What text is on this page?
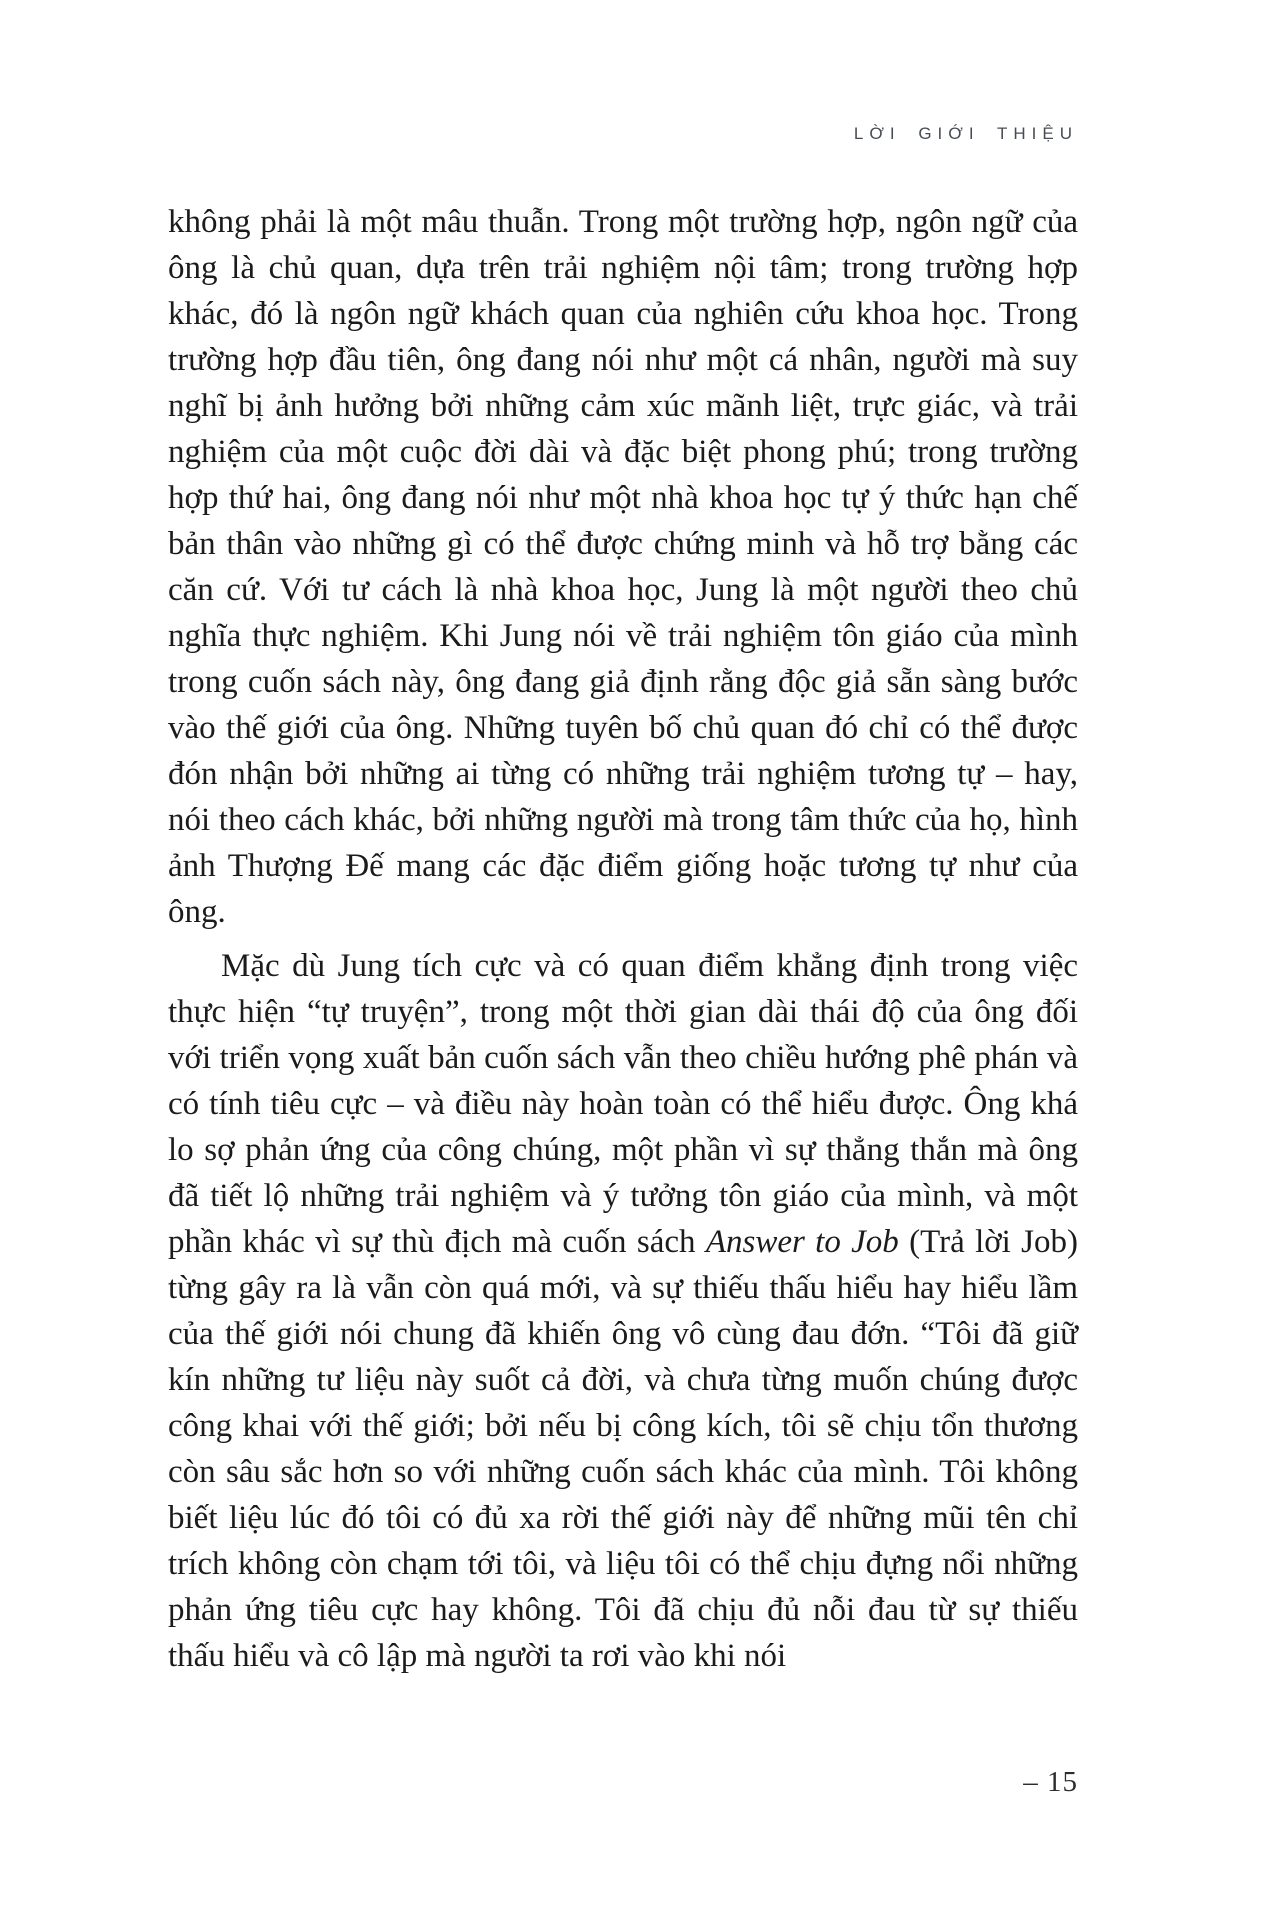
LỜI GIỚI THIỆU

không phải là một mâu thuẫn. Trong một trường hợp, ngôn ngữ của ông là chủ quan, dựa trên trải nghiệm nội tâm; trong trường hợp khác, đó là ngôn ngữ khách quan của nghiên cứu khoa học. Trong trường hợp đầu tiên, ông đang nói như một cá nhân, người mà suy nghĩ bị ảnh hưởng bởi những cảm xúc mãnh liệt, trực giác, và trải nghiệm của một cuộc đời dài và đặc biệt phong phú; trong trường hợp thứ hai, ông đang nói như một nhà khoa học tự ý thức hạn chế bản thân vào những gì có thể được chứng minh và hỗ trợ bằng các căn cứ. Với tư cách là nhà khoa học, Jung là một người theo chủ nghĩa thực nghiệm. Khi Jung nói về trải nghiệm tôn giáo của mình trong cuốn sách này, ông đang giả định rằng độc giả sẵn sàng bước vào thế giới của ông. Những tuyên bố chủ quan đó chỉ có thể được đón nhận bởi những ai từng có những trải nghiệm tương tự – hay, nói theo cách khác, bởi những người mà trong tâm thức của họ, hình ảnh Thượng Đế mang các đặc điểm giống hoặc tương tự như của ông.

Mặc dù Jung tích cực và có quan điểm khẳng định trong việc thực hiện “tự truyện”, trong một thời gian dài thái độ của ông đối với triển vọng xuất bản cuốn sách vẫn theo chiều hướng phê phán và có tính tiêu cực – và điều này hoàn toàn có thể hiểu được. Ông khá lo sợ phản ứng của công chúng, một phần vì sự thẳng thắn mà ông đã tiết lộ những trải nghiệm và ý tưởng tôn giáo của mình, và một phần khác vì sự thù địch mà cuốn sách Answer to Job (Trả lời Job) từng gây ra là vẫn còn quá mới, và sự thiếu thấu hiểu hay hiểu lầm của thế giới nói chung đã khiến ông vô cùng đau đớn. “Tôi đã giữ kín những tư liệu này suốt cả đời, và chưa từng muốn chúng được công khai với thế giới; bởi nếu bị công kích, tôi sẽ chịu tổn thương còn sâu sắc hơn so với những cuốn sách khác của mình. Tôi không biết liệu lúc đó tôi có đủ xa rời thế giới này để những mũi tên chỉ trích không còn chạm tới tôi, và liệu tôi có thể chịu đựng nổi những phản ứng tiêu cực hay không. Tôi đã chịu đủ nỗi đau từ sự thiếu thấu hiểu và cô lập mà người ta rơi vào khi nói

– 15
